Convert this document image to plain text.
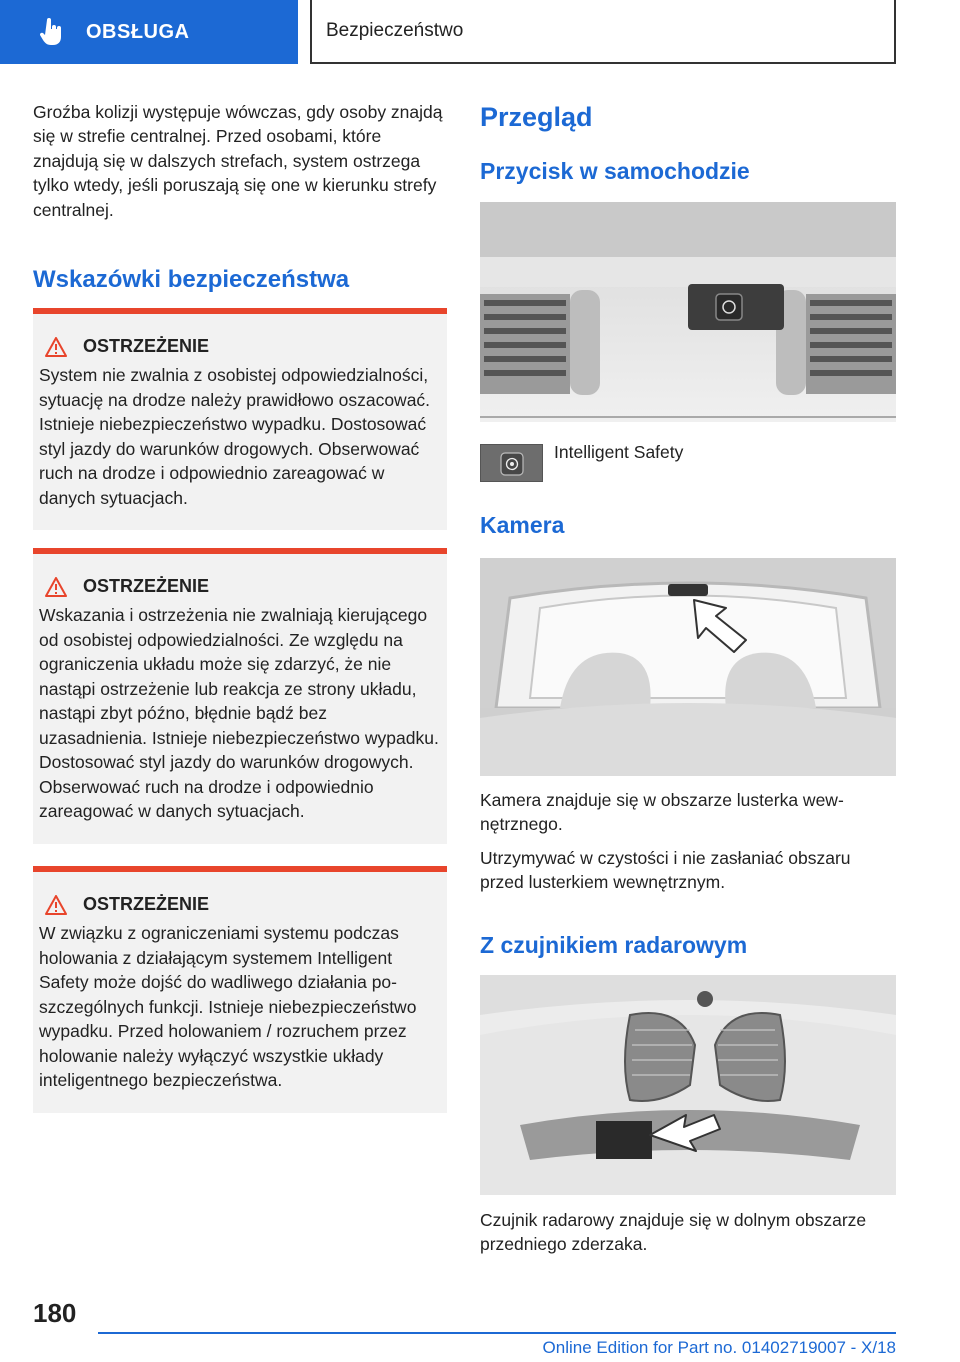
OBSŁUGA	Bezpieczeństwo

Groźba kolizji występuje wówczas, gdy osoby znajdą się w strefie centralnej. Przed osobami, które znajdują się w dalszych strefach, system ostrzega tylko wtedy, jeśli poruszają się one w kierunku strefy centralnej.

Wskazówki bezpieczeństwa
OSTRZEŻENIE

System nie zwalnia z osobistej odpowiedzialności, sytuację na drodze należy prawidłowo oszacować. Istnieje niebezpieczeństwo wypadku. Dostosować styl jazdy do warunków drogowych. Obserwować ruch na drodze i odpowiednio zareagować w danych sytuacjach.

OSTRZEŻENIE

Wskazania i ostrzeżenia nie zwalniają kierującego od osobistej odpowiedzialności. Ze względu na ograniczenia układu może się zdarzyć, że nie nastąpi ostrzeżenie lub reakcja ze strony układu, nastąpi zbyt późno, błędnie bądź bez uzasadnienia. Istnieje niebezpieczeństwo wypadku. Dostosować styl jazdy do warunków drogowych. Obserwować ruch na drodze i odpowiednio zareagować w danych sytuacjach.

OSTRZEŻENIE

W związku z ograniczeniami systemu podczas holowania z działającym systemem Intelligent Safety może dojść do wadliwego działania poszczególnych funkcji. Istnieje niebezpieczeństwo wypadku. Przed holowaniem / rozruchem przez holowanie należy wyłączyć wszystkie układy inteligentnego bezpieczeństwa.

Przegląd
Przycisk w samochodzie
Intelligent Safety
Kamera

Kamera znajduje się w obszarze lusterka wewnętrznego.

Utrzymywać w czystości i nie zasłaniać obszaru przed lusterkiem wewnętrznym.

Z czujnikiem radarowym

Czujnik radarowy znajduje się w dolnym obszarze przedniego zderzaka.

180
Online Edition for Part no. 01402719007 - X/18
